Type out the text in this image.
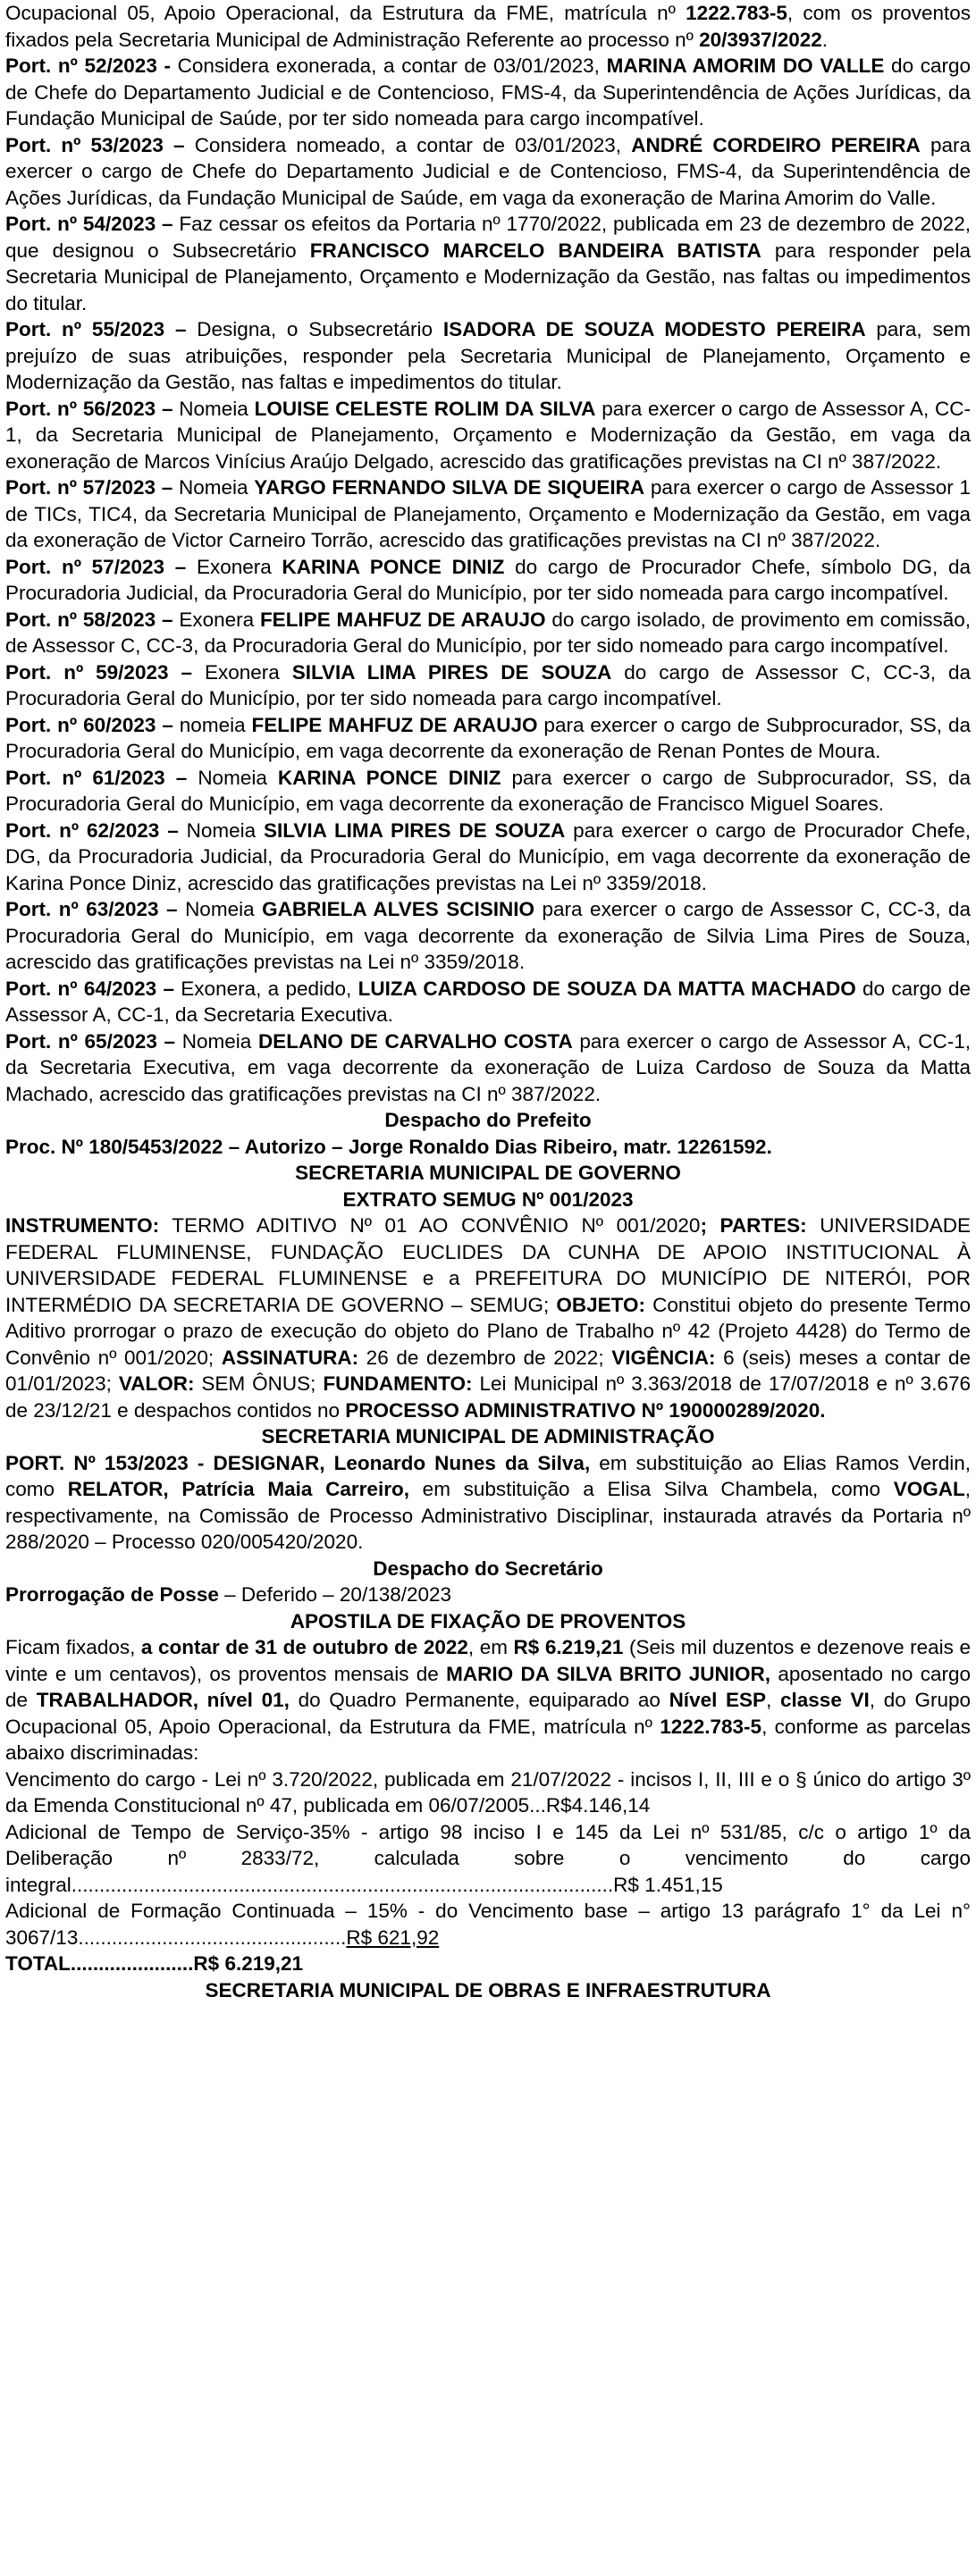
Ocupacional 05, Apoio Operacional, da Estrutura da FME, matrícula nº 1222.783-5, com os proventos fixados pela Secretaria Municipal de Administração Referente ao processo nº 20/3937/2022.
Port. nº 52/2023 - Considera exonerada, a contar de 03/01/2023, MARINA AMORIM DO VALLE do cargo de Chefe do Departamento Judicial e de Contencioso, FMS-4, da Superintendência de Ações Jurídicas, da Fundação Municipal de Saúde, por ter sido nomeada para cargo incompatível.
Port. nº 53/2023 – Considera nomeado, a contar de 03/01/2023, ANDRÉ CORDEIRO PEREIRA para exercer o cargo de Chefe do Departamento Judicial e de Contencioso, FMS-4, da Superintendência de Ações Jurídicas, da Fundação Municipal de Saúde, em vaga da exoneração de Marina Amorim do Valle.
Port. nº 54/2023 – Faz cessar os efeitos da Portaria nº 1770/2022, publicada em 23 de dezembro de 2022, que designou o Subsecretário FRANCISCO MARCELO BANDEIRA BATISTA para responder pela Secretaria Municipal de Planejamento, Orçamento e Modernização da Gestão, nas faltas ou impedimentos do titular.
Port. nº 55/2023 – Designa, o Subsecretário ISADORA DE SOUZA MODESTO PEREIRA para, sem prejuízo de suas atribuições, responder pela Secretaria Municipal de Planejamento, Orçamento e Modernização da Gestão, nas faltas e impedimentos do titular.
Port. nº 56/2023 – Nomeia LOUISE CELESTE ROLIM DA SILVA para exercer o cargo de Assessor A, CC-1, da Secretaria Municipal de Planejamento, Orçamento e Modernização da Gestão, em vaga da exoneração de Marcos Vinícius Araújo Delgado, acrescido das gratificações previstas na CI nº 387/2022.
Port. nº 57/2023 – Nomeia YARGO FERNANDO SILVA DE SIQUEIRA para exercer o cargo de Assessor 1 de TICs, TIC4, da Secretaria Municipal de Planejamento, Orçamento e Modernização da Gestão, em vaga da exoneração de Victor Carneiro Torrão, acrescido das gratificações previstas na CI nº 387/2022.
Port. nº 57/2023 – Exonera KARINA PONCE DINIZ do cargo de Procurador Chefe, símbolo DG, da Procuradoria Judicial, da Procuradoria Geral do Município, por ter sido nomeada para cargo incompatível.
Port. nº 58/2023 – Exonera FELIPE MAHFUZ DE ARAUJO do cargo isolado, de provimento em comissão, de Assessor C, CC-3, da Procuradoria Geral do Município, por ter sido nomeado para cargo incompatível.
Port. nº 59/2023 – Exonera SILVIA LIMA PIRES DE SOUZA do cargo de Assessor C, CC-3, da Procuradoria Geral do Município, por ter sido nomeada para cargo incompatível.
Port. nº 60/2023 – nomeia FELIPE MAHFUZ DE ARAUJO para exercer o cargo de Subprocurador, SS, da Procuradoria Geral do Município, em vaga decorrente da exoneração de Renan Pontes de Moura.
Port. nº 61/2023 – Nomeia KARINA PONCE DINIZ para exercer o cargo de Subprocurador, SS, da Procuradoria Geral do Município, em vaga decorrente da exoneração de Francisco Miguel Soares.
Port. nº 62/2023 – Nomeia SILVIA LIMA PIRES DE SOUZA para exercer o cargo de Procurador Chefe, DG, da Procuradoria Judicial, da Procuradoria Geral do Município, em vaga decorrente da exoneração de Karina Ponce Diniz, acrescido das gratificações previstas na Lei nº 3359/2018.
Port. nº 63/2023 – Nomeia GABRIELA ALVES SCISINIO para exercer o cargo de Assessor C, CC-3, da Procuradoria Geral do Município, em vaga decorrente da exoneração de Silvia Lima Pires de Souza, acrescido das gratificações previstas na Lei nº 3359/2018.
Port. nº 64/2023 – Exonera, a pedido, LUIZA CARDOSO DE SOUZA DA MATTA MACHADO do cargo de Assessor A, CC-1, da Secretaria Executiva.
Port. nº 65/2023 – Nomeia DELANO DE CARVALHO COSTA para exercer o cargo de Assessor A, CC-1, da Secretaria Executiva, em vaga decorrente da exoneração de Luiza Cardoso de Souza da Matta Machado, acrescido das gratificações previstas na CI nº 387/2022.
Despacho do Prefeito
Proc. Nº 180/5453/2022 – Autorizo – Jorge Ronaldo Dias Ribeiro, matr. 12261592.
SECRETARIA MUNICIPAL DE GOVERNO
EXTRATO SEMUG Nº 001/2023
INSTRUMENTO: TERMO ADITIVO Nº 01 AO CONVÊNIO Nº 001/2020; PARTES: UNIVERSIDADE FEDERAL FLUMINENSE, FUNDAÇÃO EUCLIDES DA CUNHA DE APOIO INSTITUCIONAL À UNIVERSIDADE FEDERAL FLUMINENSE e a PREFEITURA DO MUNICÍPIO DE NITERÓI, POR INTERMÉDIO DA SECRETARIA DE GOVERNO – SEMUG; OBJETO: Constitui objeto do presente Termo Aditivo prorrogar o prazo de execução do objeto do Plano de Trabalho nº 42 (Projeto 4428) do Termo de Convênio nº 001/2020; ASSINATURA: 26 de dezembro de 2022; VIGÊNCIA: 6 (seis) meses a contar de 01/01/2023; VALOR: SEM ÔNUS; FUNDAMENTO: Lei Municipal nº 3.363/2018 de 17/07/2018 e nº 3.676 de 23/12/21 e despachos contidos no PROCESSO ADMINISTRATIVO Nº 190000289/2020.
SECRETARIA MUNICIPAL DE ADMINISTRAÇÃO
PORT. Nº 153/2023 - DESIGNAR, Leonardo Nunes da Silva, em substituição ao Elias Ramos Verdin, como RELATOR, Patrícia Maia Carreiro, em substituição a Elisa Silva Chambela, como VOGAL, respectivamente, na Comissão de Processo Administrativo Disciplinar, instaurada através da Portaria nº 288/2020 – Processo 020/005420/2020.
Despacho do Secretário
Prorrogação de Posse – Deferido – 20/138/2023
APOSTILA DE FIXAÇÃO DE PROVENTOS
Ficam fixados, a contar de 31 de outubro de 2022, em R$ 6.219,21 (Seis mil duzentos e dezenove reais e vinte e um centavos), os proventos mensais de MARIO DA SILVA BRITO JUNIOR, aposentado no cargo de TRABALHADOR, nível 01, do Quadro Permanente, equiparado ao Nível ESP, classe VI, do Grupo Ocupacional 05, Apoio Operacional, da Estrutura da FME, matrícula nº 1222.783-5, conforme as parcelas abaixo discriminadas:
Vencimento do cargo - Lei nº 3.720/2022, publicada em 21/07/2022 - incisos I, II, III e o § único do artigo 3º da Emenda Constitucional nº 47, publicada em 06/07/2005...R$4.146,14
Adicional de Tempo de Serviço-35% - artigo 98 inciso I e 145 da Lei nº 531/85, c/c o artigo 1º da Deliberação nº 2833/72, calculada sobre o vencimento do cargo integral.................................................................................................R$ 1.451,15
Adicional de Formação Continuada – 15% - do Vencimento base – artigo 13 parágrafo 1° da Lei n° 3067/13................................................R$ 621,92
TOTAL......................R$ 6.219,21
SECRETARIA MUNICIPAL DE OBRAS E INFRAESTRUTURA
